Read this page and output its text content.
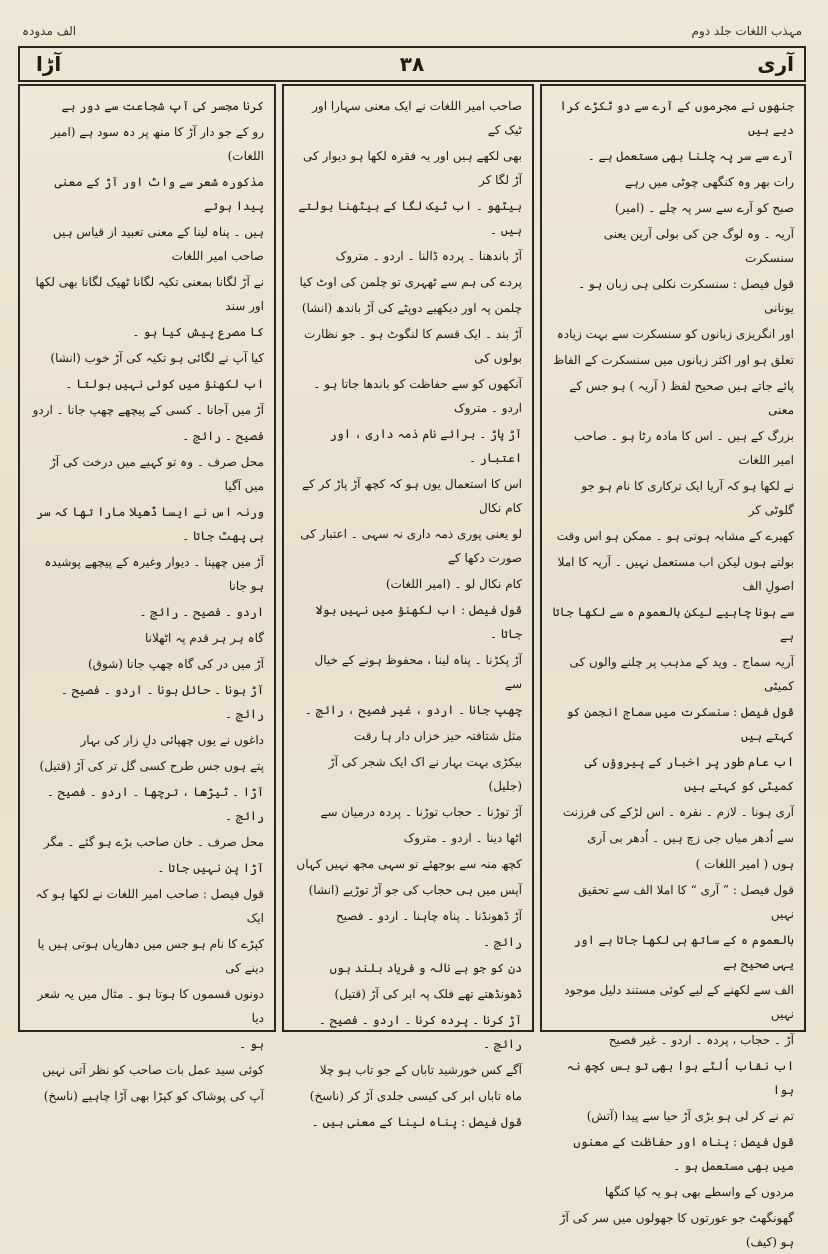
مہذب اللغات جلد دوم
الف مدودہ
آری
۳۸
آڑا

جنھوں نے مجرموں کے آرے سے دو ٹکڑے کرا دیے ہیں

آرے سے سر پہ چلنا بھی مستعمل ہے ۔

رات بھر وہ کنگھی چوٹی میں رہے

صبح کو آرے سے سر پہ چلے ۔ (امیر)

آریہ ۔ وہ لوگ جن کی بولی آرین یعنی سنسکرت

قول فیصل : سنسکرت نکلی ہی زبان ہو ۔ یونانی

اور انگریزی زبانوں کو سنسکرت سے بہت زیادہ

تعلق ہو اور اکثر زبانوں میں سنسکرت کے الفاظ

پائے جاتے ہیں صحیح لفظ ( آریہ ) ہو جس کے معنی

بزرگ کے ہیں ۔ اس کا مادہ رٹا ہو ۔ صاحب امیر اللغات

نے لکھا ہو کہ آریا ایک ترکاری کا نام ہو جو گلوٹی کر

کھیرے کے مشابہ ہوتی ہو ۔ ممکن ہو اس وقت

بولتے ہوں لیکن اب مستعمل نہیں ۔ آریہ کا املا اصولِ الف

سے ہونا چاہیے لیکن بالعموم ہ سے لکھا جاتا ہے

آریہ سماج ۔ وید کے مذہب پر چلنے والوں کی کمیٹی

قول فیصل : سنسکرت میں سماج انجمن کو کہتے ہیں

اب عام طور پر اخبار کے پیروؤں کی کمیٹی کو کہتے ہیں

آری ہونا ۔ لازم ۔ نفرہ ۔ اس لڑکے کی فرزنت

سے اُدھر میاں جی زچ ہیں ۔ اُدھر بی آری

ہوں ( امیر اللغات )

قول فیصل : ” آری “ کا املا الف سے تحقیق نہیں

بالعموم ہ کے ساتھ ہی لکھا جاتا ہے اور یہی صحیح ہے

الف سے لکھنے کے لیے کوئی مستند دلیل موجود نہیں

آڑ ۔ حجاب ، پردہ ۔ اردو ۔ غیر فصیح

اب نقاب اُلٹے ہوا بھی تو بس کچھ نہ ہوا

تم نے کر لی ہو بڑی آڑ حیا سے پیدا (آتش)

قول فیصل : پناہ اور حفاظت کے معنوں میں بھی مستعمل ہو ۔

مردوں کے واسطے بھی ہو یہ کیا کنگھا

گھونگھٹ جو عورتوں کا جھولوں میں سر کی آڑ ہو (کیف)

صاحب امیر اللغات نے ایک معنی سہارا اور ٹیک کے

بھی لکھے ہیں اور یہ فقرہ لکھا ہو دیوار کی آڑ لگا کر

بیٹھو ۔ اب ٹیک لگا کے بیٹھنا بولتے ہیں ۔

آڑ باندھنا ۔ پردہ ڈالنا ۔ اردو ۔ متروک

پردے کی ہم سے ٹھہری تو چلمن کی اوٹ کیا

چلمن پہ اور دیکھیے دوپٹے کی آڑ باندھ (انشا)

آڑ بند ۔ ایک قسم کا لنگوٹ ہو ۔ جو نظارت بولوں کی

آنکھوں کو سے حفاظت کو باندھا جاتا ہو ۔ اردو ۔ متروک

آڑ پاڑ ۔ برائے نام ذمہ داری ، اور اعتبار ۔

اس کا استعمال یوں ہو کہ کچھ آڑ پاڑ کر کے کام نکال

لو یعنی پوری ذمہ داری نہ سہی ۔ اعتبار کی صورت دکھا کے

کام نکال لو ۔ (امیر اللغات)

قول فیصل : اب لکھنؤ میں نہیں بولا جاتا ۔

آڑ پکڑنا ۔ پناہ لینا ، محفوظ ہونے کے خیال سے

چھپ جانا ۔ اردو ، غیر فصیح ، رائج ۔

مثل شتافتہ حیز خزاں دار ہا رقت

بیکڑی بہت بہار نے اک ایک شجر کی آڑ (جلیل)

آڑ توڑنا ۔ حجاب توڑنا ۔ پردہ درمیان سے

اٹھا دینا ۔ اردو ۔ متروک

کچھ منہ سے بوجھئے تو سہی مجھ نہیں کہاں

آپس میں ہی حجاب کی جو آڑ توڑیے (انشا)

آڑ ڈھونڈنا ۔ پناہ چاہنا ۔ اردو ۔ فصیح

رائج ۔

دن کو جو ہے نالہ و فریاد بلند ہوں

ڈھونڈھتے تھے فلک پہ ابر کی آڑ (قتیل)

آڑ کرنا ۔ پردہ کرنا ۔ اردو ۔ فصیح ۔ رائج ۔

آگے کس خورشید تاباں کے جو تاب ہو چلا

ماہ تاباں ابر کی کیسی جلدی آڑ کر (ناسخ)

قول فیصل : پناہ لینا کے معنی ہیں ۔

کرنا مجسر کی آپ شجاعت سے دور ہے

رو کے جو دار آڑ کا منھ پر دہ سود ہے (امیر اللغات)

مذکورہ شعر سے واٹ اور آڑ کے معنی پیدا ہوتے

ہیں ۔ پناہ لینا کے معنی تعبید از قیاس ہیں صاحب امیر اللغات

نے آڑ لگانا بمعنی تکیہ لگانا ٹھیک لگانا بھی لکھا اور سند

کا مصرع پیش کیا ہو ۔

کیا آپ نے لگائی ہو تکیہ کی آڑ خوب (انشا)

اب لکھنؤ میں کوئی نہیں بولتا ۔

آڑ میں آجانا ۔ کسی کے پیچھے چھپ جانا ۔ اردو

فصیح ۔ رائج ۔

محل صرف ۔ وہ تو کہیے میں درخت کی آڑ میں آگیا

ورنہ اس نے ایسا ڈھیلا مارا تھا کہ سر ہی پھٹ جاتا ۔

آڑ میں چھپنا ۔ دیوار وغیرہ کے پیچھے پوشیدہ ہو جانا

اردو ۔ فصیح ۔ رائج ۔

گاہ ہر ہر قدم پہ اٹھلانا

آڑ میں در کی گاہ چھپ جانا (شوق)

آڑ ہونا ۔ حائل ہونا ۔ اردو ۔ فصیح ۔ رائج ۔

داغوں نے یوں چھپائی دلِ زار کی بہار

پتے ہوں جس طرح کسی گل تر کی آڑ (قتیل)

آڑا ۔ ٹیڑھا ، ترچھا ۔ اردو ۔ فصیح ۔ رائج ۔

محل صرف ۔ خان صاحب بڑے ہو گئے ۔ مگر

آڑا پن نہیں جاتا ۔

قول فیصل : صاحب امیر اللغات نے لکھا ہو کہ ایک

کپڑے کا نام ہو جس میں دھاریاں ہوتی ہیں یا دینے کی

دونوں قسموں کا ہوتا ہو ۔ مثال میں یہ شعر دیا

ہو ۔

کوئی سید عمل بات صاحب کو نظر آتی نہیں

آپ کی پوشاک کو کپڑا بھی آڑا چاہیے (ناسخ)
